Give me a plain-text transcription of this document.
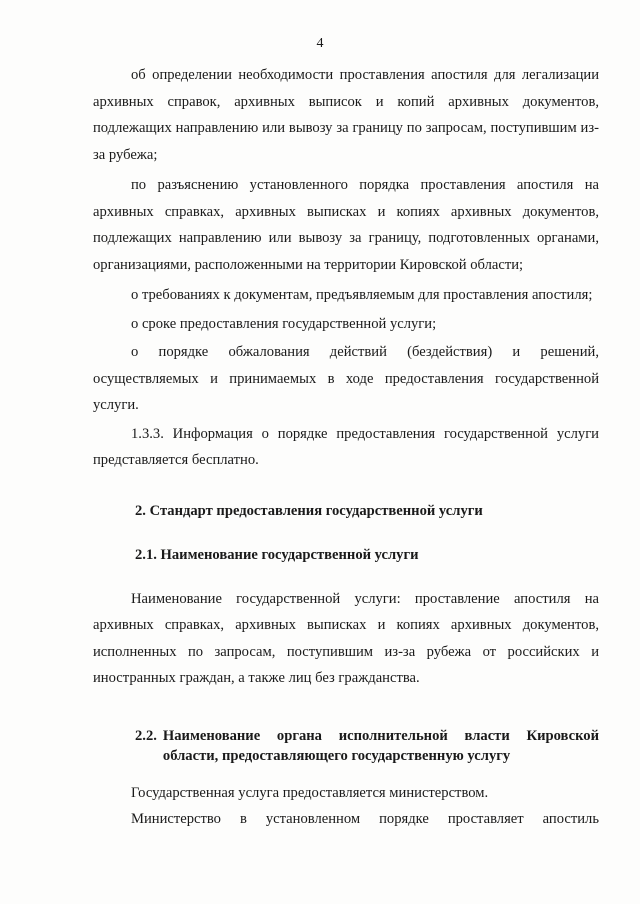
4

об определении необходимости проставления апостиля для легализации архивных справок, архивных выписок и копий архивных документов, подлежащих направлению или вывозу за границу по запросам, поступившим из-за рубежа;

по разъяснению установленного порядка проставления апостиля на архивных справках, архивных выписках и копиях архивных документов, подлежащих направлению или вывозу за границу, подготовленных органами, организациями, расположенными на территории Кировской области;

о требованиях к документам, предъявляемым для проставления апостиля;

о сроке предоставления государственной услуги;

о порядке обжалования действий (бездействия) и решений, осуществляемых и принимаемых в ходе предоставления государственной услуги.

1.3.3. Информация о порядке предоставления государственной услуги представляется бесплатно.

2. Стандарт предоставления государственной услуги
2.1. Наименование государственной услуги

Наименование государственной услуги: проставление апостиля на архивных справках, архивных выписках и копиях архивных документов, исполненных по запросам, поступившим из-за рубежа от российских и иностранных граждан, а также лиц без гражданства.

2.2. Наименование органа исполнительной власти Кировской области, предоставляющего государственную услугу

Государственная услуга предоставляется министерством.

Министерство в установленном порядке проставляет апостиль
